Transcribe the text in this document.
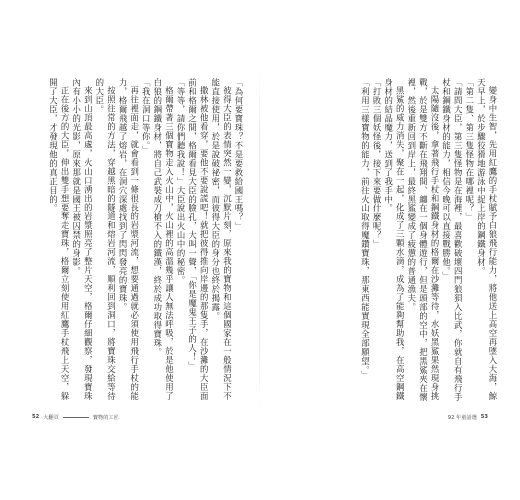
「為何要寶珠？不是要救給國王嗎？」

彼得大臣的表情突然一變，沉默片刻，原來我的寶物和這個國家在一般情況下不能直接使用，於是說破祕密，而彼得大臣的身分也終於揭露。

撒林被他看穿，要他不要說謊吧！就把彼得推向岸邊的那隻手，在沙灘的大臣面前和格爾之間，格爾看見大臣的臉孔，大叫一聲，「你是魔鬼王子的人！」

「等等，請你們聽我說！」大臣說出火山中的秘密。

格爾帶著三個寶物走入火山中，火山裡的高溫幾乎讓人無法呼吸，於是他使用了白狼的鋼鐵身材，將自己武裝成刀槍不入的鐵漢，終於成功取得寶珠。

「我在洞口等你。」

再往裡面走，就會看到一條很長的岩漿河流，想要通過就必須使用飛行手杖的能力，格爾飛越了熔岩，在洞穴深處找到了閃閃發亮的寶珠。

按照往常的方法，穿越黑暗的隧道和熔岩河流，順利回到洞口，將寶珠交給等待的大臣。

來到山頂最高處，火山口湧出的岩漿照亮了整片天空，格爾仔細觀察，發現寶珠內有小小的光影，原來那就是國王被囚禁的身影。

正在後方的大臣，伸出雙手想要奪走寶珠，格爾立刻使用紅鷹手杖飛上天空，躲開了大臣，才發現他的真正目的。

52 大翻頁	寶物的工匠

變身中生智，先用紅鷹的手杖賦予白狼飛行能力，將他送上高空再墜入大海，鯨天早上，於步驟狡猾地游泳中捉上岸的鋼鐵身材。

「第二隻、第三隻怪物在哪裡呢？」

「請問大臣，第三隻怪物是在海裡，最喜歡破壞四門狼狽入比武，你就自有飛行手杖和鋼鐵身材的能力，相信今晚可以直接戰勝他。」

太陽隨沒後，拿著飛行手杖和鋼鐵身材的格爾在沙灘等待，水妖黑鯊果然現身挑戰，於是雙方不斷在飛翔間、纏在一個身體遊行，但是頭部的空中，把黑鯊夾在懷裡，然後重新回到岸上，最終黑鯊變成了疲憊的普通漁夫。

黑鯊的威力消失，聚在一起，化成了三顆水滴，成為了能夠幫助我，在高空鋼鐵身材的結晶魔力，送到了我手中。

「打敗三個妖怪後，接下來要做什麼呢？」

「利用三樣寶物的能力，前往火山取得魔鑽寶珠，那東西能實現全部願望。」

92 年童話選 53
